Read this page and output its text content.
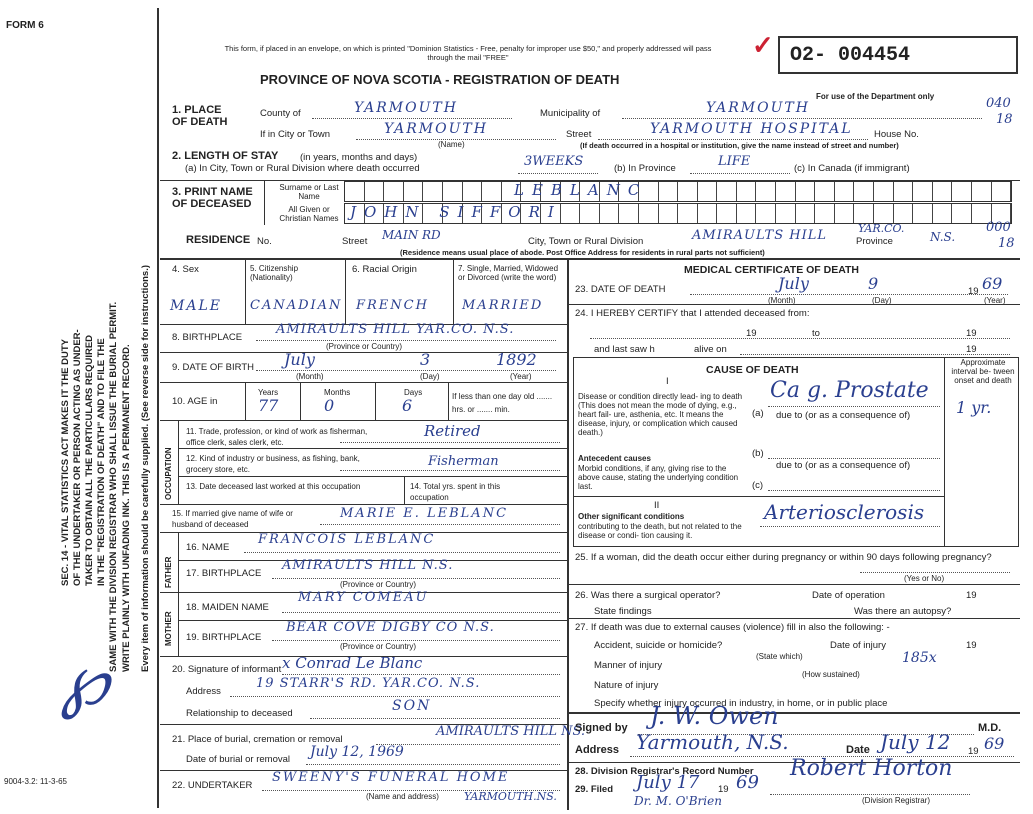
FORM 6
This form, if placed in an envelope, on which is printed "Dominion Statistics - Free, penalty for improper use $50," and properly addressed will pass through the mail "FREE"
PROVINCE OF NOVA SCOTIA - REGISTRATION OF DEATH
✓ O2- 004454
For use of the Department only	040
18
SEC. 14 - VITAL STATISTICS ACT MAKES IT THE DUTY OF THE UNDERTAKER OR PERSON ACTING AS UNDER- TAKER TO OBTAIN ALL THE PARTICULARS REQUIRED IN THE "REGISTRATION OF DEATH" AND TO FILE THE SAME WITH THE DIVISION REGISTRAR WHO SHALL ISSUE THE BURIAL PERMIT. WRITE PLAINLY WITH UNFADING INK. THIS IS A PERMANENT RECORD. Every item of information should be carefully supplied. (See reverse side for instructions.)
℘
9004-3.2: 11-3-65
1. PLACE OF DEATH
County of	YARMOUTH	Municipality of	YARMOUTH
If in City or Town	YARMOUTH
(Name)
Street	YARMOUTH HOSPITAL House No.
(If death occurred in a hospital or institution, give the name instead of street and number)
2. LENGTH OF STAY (in years, months and days)
(a) In City, Town or Rural Division where death occurred	3WEEKS	(b) In Province	LIFE	(c) In Canada (if immigrant)
3. PRINT NAME OF DECEASED
Surname or Last Name
All Given or Christian Names
LEBLANC
JOHN SIFFORI
RESIDENCE No.	Street MAIN RD	City, Town or Rural Division	AMIRAULTS HILL	YAR.CO.
Province	N.S.
000
18
(Residence means usual place of abode. Post Office Address for residents in rural parts not sufficient)
4. Sex	5. Citizenship (Nationality)
6. Racial Origin	7. Single, Married, Widowed or Divorced (write the word)
MALE CANADIAN FRENCH	MARRIED
8. BIRTHPLACE
AMIRAULTS HILL YAR.CO. N.S.
(Province or Country)
9. DATE OF BIRTH July	3	1892
(Month)	(Day)	(Year)
10. AGE in
Years	Months	Days
77	0	6	If less than one day old ....... hrs. or ....... min.
OCCUPATION
11. Trade, profession, or kind of work as fisherman, office clerk, sales clerk, etc.
Retired
12. Kind of industry or business, as fishing, bank, grocery store, etc.
Fisherman
13. Date deceased last worked at this occupation	14. Total yrs. spent in this occupation
15. If married give name of wife or husband of deceased
MARIE E. LEBLANC
FATHER
16. NAME
FRANCOIS LEBLANC
17. BIRTHPLACE
AMIRAULTS HILL N.S.
(Province or Country)
MOTHER
18. MAIDEN NAME
MARY COMEAU
19. BIRTHPLACE
BEAR COVE DIGBY CO N.S.
(Province or Country)
20. Signature of informant x Conrad Le Blanc
Address
19 STARR'S RD. YAR.CO. N.S.
Relationship to deceased	SON
21. Place of burial, cremation or removal
AMIRAULTS HILL NS.
Date of burial or removal July 12, 1969
22. UNDERTAKER
SWEENY'S FUNERAL HOME
(Name and address) YARMOUTH.NS.
MEDICAL CERTIFICATE OF DEATH
23. DATE OF DEATH	July	9	19 69
(Month)	(Day)	(Year)
24. I HEREBY CERTIFY that I attended deceased from:
19	to	19
and last saw h	alive on	19
CAUSE OF DEATH
Approximate interval be- tween onset and death
I
Disease or condition directly lead- ing to death (This does not mean the mode of dying, e.g., heart fail- ure, asthenia, etc. It means the disease, injury, or complication which caused death.)
(a) due to (or as a consequence of)
Ca g. Prostate
1 yr.
Antecedent causes
Morbid conditions, if any, giving rise to the above cause, stating the underlying condition last.
(b)
due to (or as a consequence of)
(c)
II
Other significant conditions
contributing to the death, but not related to the disease or condi- tion causing it.
Arteriosclerosis
25. If a woman, did the death occur either during pregnancy or within 90 days following pregnancy?
(Yes or No)
26. Was there a surgical operator?	Date of operation	19
State findings	Was there an autopsy?
27. If death was due to external causes (violence) fill in also the following: -
Accident, suicide or homicide?	Date of injury	19
(State which)
Manner of injury	185x
(How sustained)
Nature of injury
Specify whether injury occurred in industry, in home, or in public place
Signed by J. W. Owen	M.D.
Address Yarmouth, N.S.	Date July 12 19 69
28. Division Registrar's Record Number
29. Filed July 17 19 69
Robert Horton
(Division Registrar)
Dr. M. O'Brien
